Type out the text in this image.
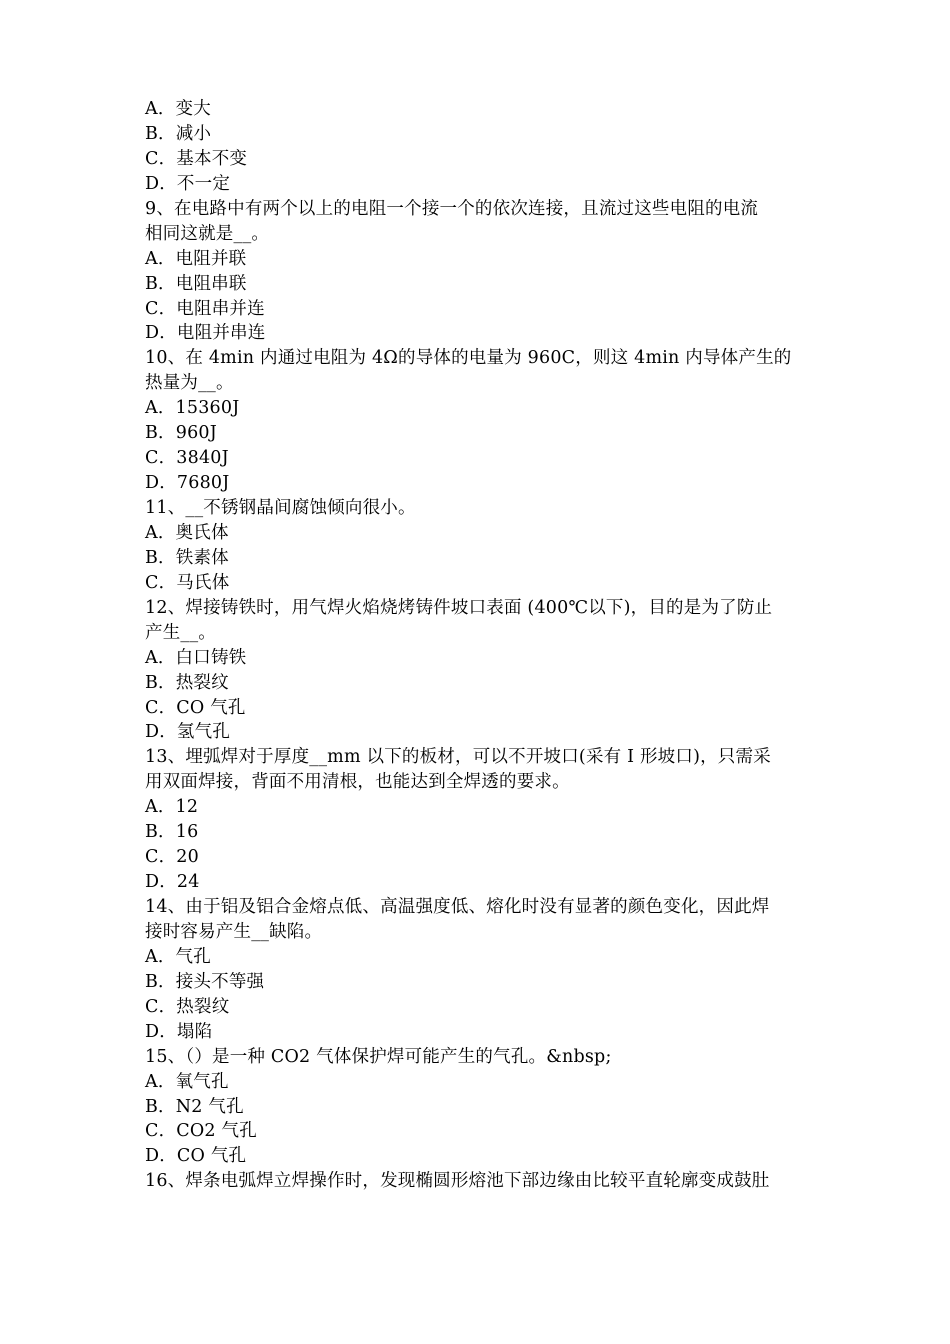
A．变大
B．减小
C．基本不变
D．不一定
9、在电路中有两个以上的电阻一个接一个的依次连接，且流过这些电阻的电流
相同这就是__。
A．电阻并联
B．电阻串联
C．电阻串并连
D．电阻并串连
10、在 4min 内通过电阻为 4Ω的导体的电量为 960C，则这 4min 内导体产生的
热量为__。
A．15360J
B．960J
C．3840J
D．7680J
11、__不锈钢晶间腐蚀倾向很小。
A．奥氏体
B．铁素体
C．马氏体
12、焊接铸铁时，用气焊火焰烧烤铸件坡口表面 (400℃以下)，目的是为了防止
产生__。
A．白口铸铁
B．热裂纹
C．CO 气孔
D．氢气孔
13、埋弧焊对于厚度__mm 以下的板材，可以不开坡口(采有 I 形坡口)，只需采
用双面焊接，背面不用清根，也能达到全焊透的要求。
A．12
B．16
C．20
D．24
14、由于铝及铝合金熔点低、高温强度低、熔化时没有显著的颜色变化，因此焊
接时容易产生__缺陷。
A．气孔
B．接头不等强
C．热裂纹
D．塌陷
15、（）是一种 CO2 气体保护焊可能产生的气孔。&nbsp;
A．氧气孔
B．N2 气孔
C．CO2 气孔
D．CO 气孔
16、焊条电弧焊立焊操作时，发现椭圆形熔池下部边缘由比较平直轮廓变成鼓肚
